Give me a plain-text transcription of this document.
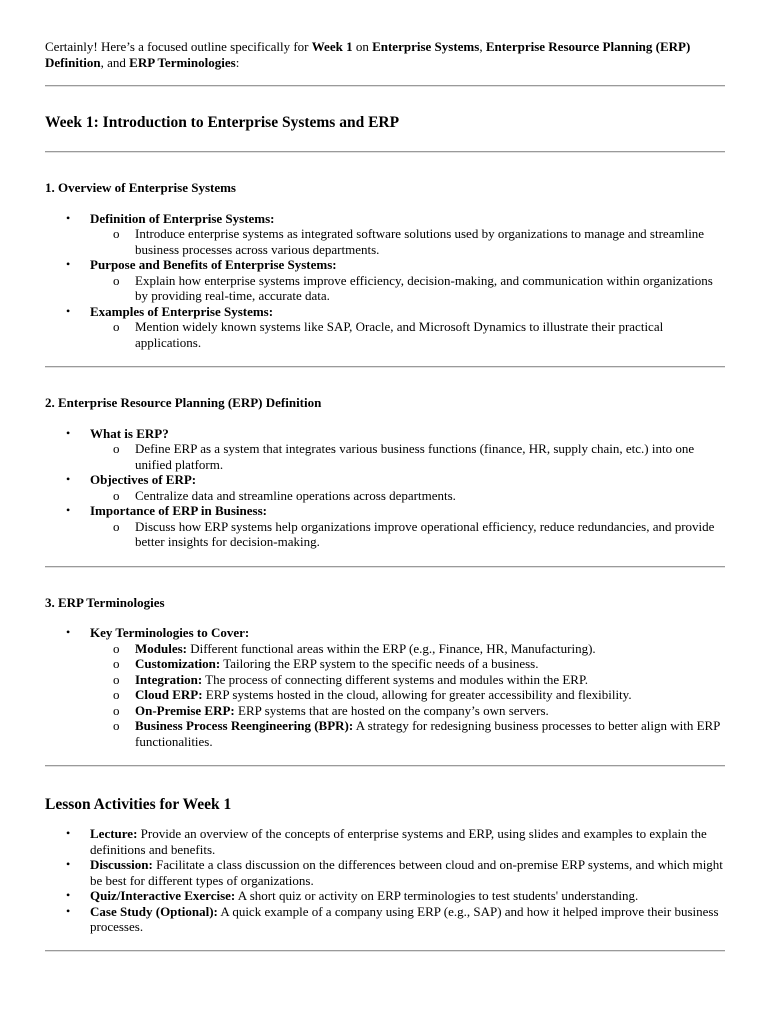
Certainly! Here’s a focused outline specifically for Week 1 on Enterprise Systems, Enterprise Resource Planning (ERP) Definition, and ERP Terminologies:

Week 1: Introduction to Enterprise Systems and ERP
1. Overview of Enterprise Systems
• Definition of Enterprise Systems:
o Introduce enterprise systems as integrated software solutions used by organizations to manage and streamline business processes across various departments.
• Purpose and Benefits of Enterprise Systems:
o Explain how enterprise systems improve efficiency, decision-making, and communication within organizations by providing real-time, accurate data.
• Examples of Enterprise Systems:
o Mention widely known systems like SAP, Oracle, and Microsoft Dynamics to illustrate their practical applications.
2. Enterprise Resource Planning (ERP) Definition
• What is ERP?
o Define ERP as a system that integrates various business functions (finance, HR, supply chain, etc.) into one unified platform.
• Objectives of ERP:
o Centralize data and streamline operations across departments.
• Importance of ERP in Business:
o Discuss how ERP systems help organizations improve operational efficiency, reduce redundancies, and provide better insights for decision-making.
3. ERP Terminologies
• Key Terminologies to Cover:
o Modules: Different functional areas within the ERP (e.g., Finance, HR, Manufacturing).
o Customization: Tailoring the ERP system to the specific needs of a business.
o Integration: The process of connecting different systems and modules within the ERP.
o Cloud ERP: ERP systems hosted in the cloud, allowing for greater accessibility and flexibility.
o On-Premise ERP: ERP systems that are hosted on the company’s own servers.
o Business Process Reengineering (BPR): A strategy for redesigning business processes to better align with ERP functionalities.
Lesson Activities for Week 1
• Lecture: Provide an overview of the concepts of enterprise systems and ERP, using slides and examples to explain the definitions and benefits.
• Discussion: Facilitate a class discussion on the differences between cloud and on-premise ERP systems, and which might be best for different types of organizations.
• Quiz/Interactive Exercise: A short quiz or activity on ERP terminologies to test students' understanding.
• Case Study (Optional): A quick example of a company using ERP (e.g., SAP) and how it helped improve their business processes.
